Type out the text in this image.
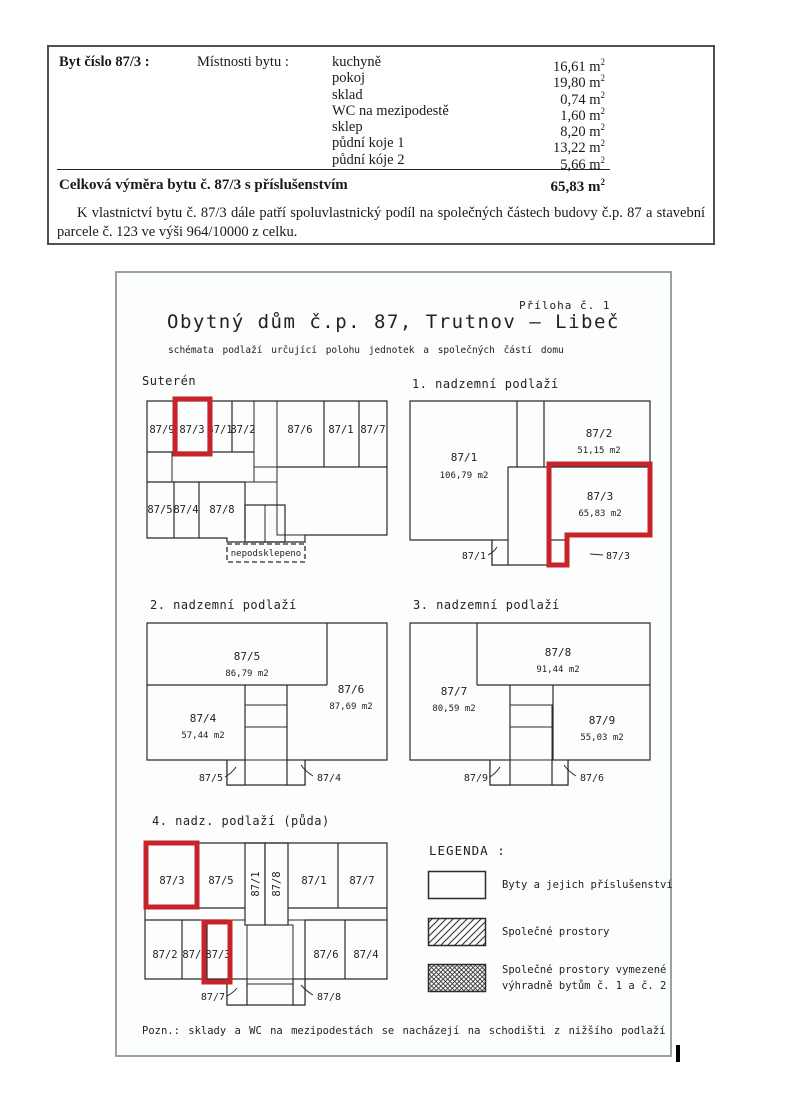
Byt číslo 87/3 :	Místnosti bytu :	kuchyně	16,61 $m^2$
pokoj	19,80 $m^2$
sklad	0,74 $m^2$
WC na mezipodestě	1,60 $m^2$
sklep	8,20 $m^2$
půdní koje 1	13,22 $m^2$
půdní kóje 2	5,66 $m^2$
Celková výměra bytu č. 87/3 s příslušenstvím	65,83 $m^2$
K vlastnictví bytu č. 87/3 dále patří spoluvlastnický podíl na společných částech budovy č.p. 87 a stavební parcele č. 123 ve výši 964/10000 z celku.
Příloha č. 1
Obytný dům č.p. 87, Trutnov – Libeč
schémata podlaží určující polohu jednotek a společných částí domu
Suterén	1. nadzemní podlaží
2. nadzemní podlaží	3. nadzemní podlaží
4. nadz. podlaží (půda)
87/9 87/3 87/1
87/2	87/6 87/1 87/7
87/5 87/4 87/8
nepodsklepeno
87/1
106,79 m2
87/2
51,15 m2
87/3
65,83 m2
87/1	87/3
87/5
86,79 m2
87/6
87,69 m2
87/4
57,44 m2
87/5	87/4
87/8
91,44 m2
87/7
80,59 m2
87/9
55,03 m2
87/9	87/6
87/3 87/5 87/1 87/8 87/1 87/7
87/2 87/9
87/3	87/6 87/4
87/7	87/8
LEGENDA :
Byty a jejich příslušenství
Společné prostory
Společné prostory vymezené
výhradně bytům č. 1 a č. 2
Pozn.: sklady a WC na mezipodestách se nacházejí na schodišti z nižšího podlaží
